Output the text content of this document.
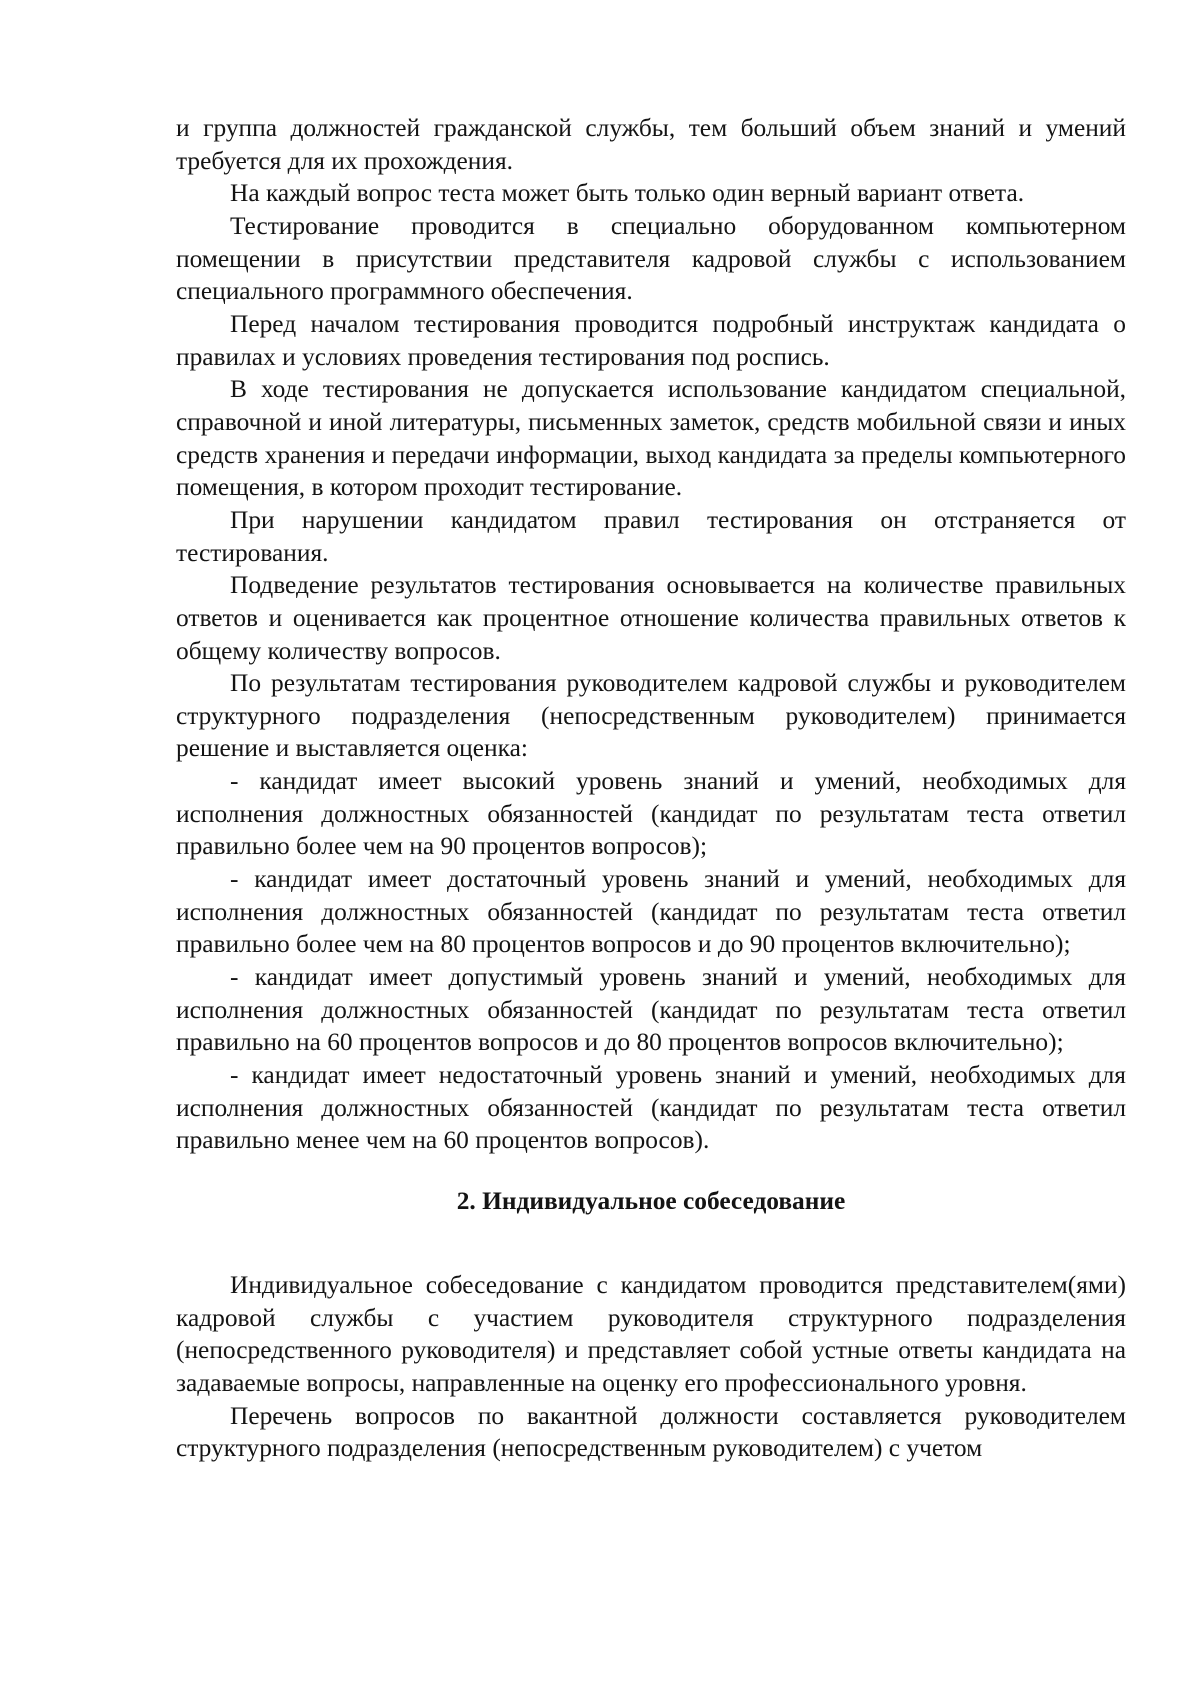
и группа должностей гражданской службы, тем больший объем знаний и умений требуется для их прохождения.

На каждый вопрос теста может быть только один верный вариант ответа.

Тестирование проводится в специально оборудованном компьютерном помещении в присутствии представителя кадровой службы с использованием специального программного обеспечения.

Перед началом тестирования проводится подробный инструктаж кандидата о правилах и условиях проведения тестирования под роспись.

В ходе тестирования не допускается использование кандидатом специальной, справочной и иной литературы, письменных заметок, средств мобильной связи и иных средств хранения и передачи информации, выход кандидата за пределы компьютерного помещения, в котором проходит тестирование.

При нарушении кандидатом правил тестирования он отстраняется от тестирования.

Подведение результатов тестирования основывается на количестве правильных ответов и оценивается как процентное отношение количества правильных ответов к общему количеству вопросов.

По результатам тестирования руководителем кадровой службы и руководителем структурного подразделения (непосредственным руководителем) принимается решение и выставляется оценка:

- кандидат имеет высокий уровень знаний и умений, необходимых для исполнения должностных обязанностей (кандидат по результатам теста ответил правильно более чем на 90 процентов вопросов);

- кандидат имеет достаточный уровень знаний и умений, необходимых для исполнения должностных обязанностей (кандидат по результатам теста ответил правильно более чем на 80 процентов вопросов и до 90 процентов включительно);

- кандидат имеет допустимый уровень знаний и умений, необходимых для исполнения должностных обязанностей (кандидат по результатам теста ответил правильно на 60 процентов вопросов и до 80 процентов вопросов включительно);

- кандидат имеет недостаточный уровень знаний и умений, необходимых для исполнения должностных обязанностей (кандидат по результатам теста ответил правильно менее чем на 60 процентов вопросов).

2. Индивидуальное собеседование

Индивидуальное собеседование с кандидатом проводится представителем(ями) кадровой службы с участием руководителя структурного подразделения (непосредственного руководителя) и представляет собой устные ответы кандидата на задаваемые вопросы, направленные на оценку его профессионального уровня.

Перечень вопросов по вакантной должности составляется руководителем структурного подразделения (непосредственным руководителем) с учетом
